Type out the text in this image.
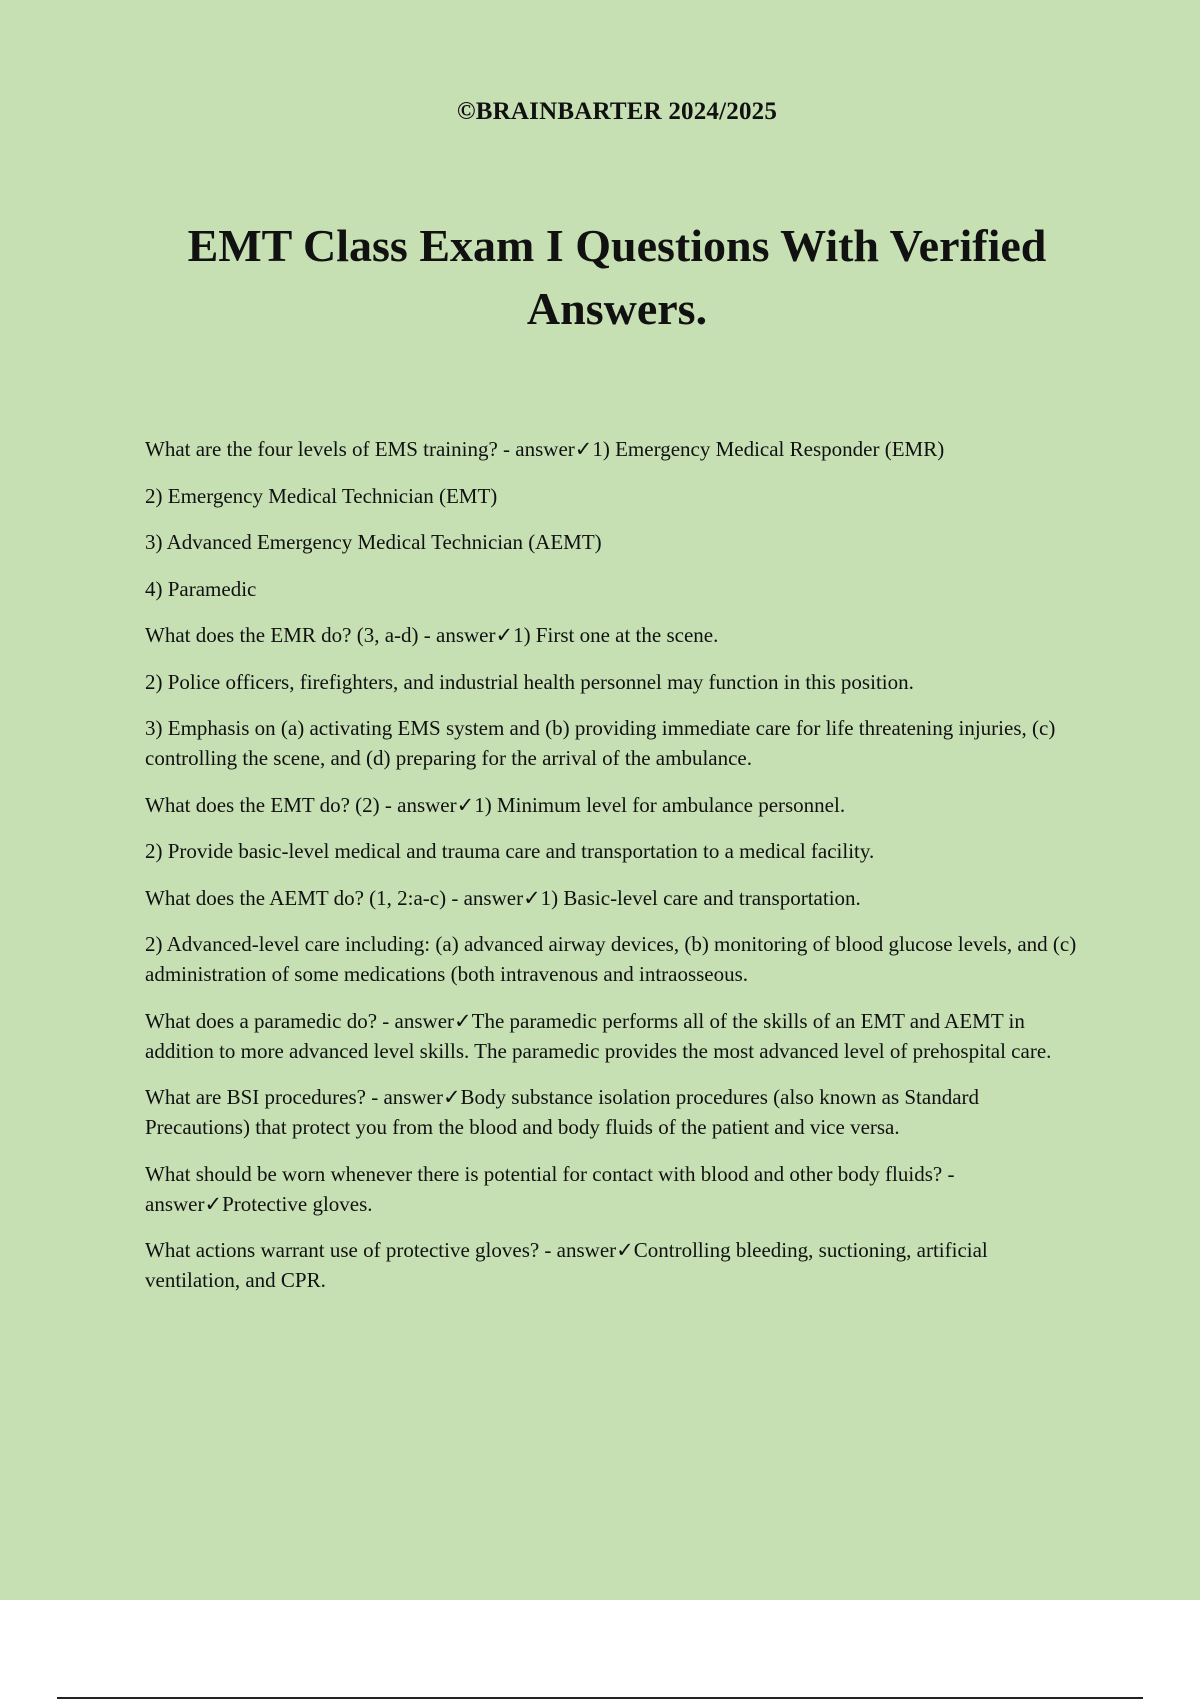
©BRAINBARTER 2024/2025
EMT Class Exam I Questions With Verified Answers.

What are the four levels of EMS training? - answer✓1) Emergency Medical Responder (EMR)

2) Emergency Medical Technician (EMT)

3) Advanced Emergency Medical Technician (AEMT)

4) Paramedic

What does the EMR do? (3, a-d) - answer✓1) First one at the scene.

2) Police officers, firefighters, and industrial health personnel may function in this position.

3) Emphasis on (a) activating EMS system and (b) providing immediate care for life threatening injuries, (c) controlling the scene, and (d) preparing for the arrival of the ambulance.

What does the EMT do? (2) - answer✓1) Minimum level for ambulance personnel.

2) Provide basic-level medical and trauma care and transportation to a medical facility.

What does the AEMT do? (1, 2:a-c) - answer✓1) Basic-level care and transportation.

2) Advanced-level care including: (a) advanced airway devices, (b) monitoring of blood glucose levels, and (c) administration of some medications (both intravenous and intraosseous.

What does a paramedic do? - answer✓The paramedic performs all of the skills of an EMT and AEMT in addition to more advanced level skills. The paramedic provides the most advanced level of prehospital care.

What are BSI procedures? - answer✓Body substance isolation procedures (also known as Standard Precautions) that protect you from the blood and body fluids of the patient and vice versa.

What should be worn whenever there is potential for contact with blood and other body fluids? - answer✓Protective gloves.

What actions warrant use of protective gloves? - answer✓Controlling bleeding, suctioning, artificial ventilation, and CPR.
